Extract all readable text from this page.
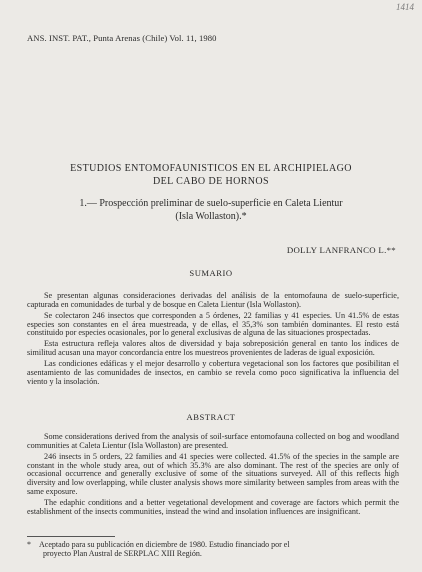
1414
ANS. INST. PAT., Punta Arenas (Chile) Vol. 11, 1980
ESTUDIOS ENTOMOFAUNISTICOS EN EL ARCHIPIELAGO
DEL CABO DE HORNOS
1.— Prospección preliminar de suelo-superficie en Caleta Lientur
(Isla Wollaston).*
DOLLY LANFRANCO L.**
SUMARIO

Se presentan algunas consideraciones derivadas del análisis de la entomofauna de suelo-superficie, capturada en comunidades de turbal y de bosque en Caleta Lientur (Isla Wollaston).

Se colectaron 246 insectos que corresponden a 5 órdenes, 22 familias y 41 especies. Un 41.5% de estas especies son constantes en el área muestreada, y de ellas, el 35,3% son también dominantes. El resto está constituido por especies ocasionales, por lo general exclusivas de alguna de las situaciones prospectadas.

Esta estructura refleja valores altos de diversidad y baja sobreposición general en tanto los índices de similitud acusan una mayor concordancia entre los muestreos provenientes de laderas de igual exposición.

Las condiciones edáficas y el mejor desarrollo y cobertura vegetacional son los factores que posibilitan el asentamiento de las comunidades de insectos, en cambio se revela como poco significativa la influencia del viento y la insolación.

ABSTRACT

Some considerations derived from the analysis of soil-surface entomofauna collected on bog and woodland communities at Caleta Lientur (Isla Wollaston) are presented.

246 insects in 5 orders, 22 families and 41 species were collected. 41.5% of the species in the sample are constant in the whole study area, out of which 35.3% are also dominant. The rest of the species are only of occasional occurrence and generally exclusive of some of the situations surveyed. All of this reflects high diversity and low overlapping, while cluster analysis shows more similarity between samples from areas with the same exposure.

The edaphic conditions and a better vegetational development and coverage are factors which permit the establishment of the insects communities, instead the wind and insolation influences are insignificant.

* Aceptado para su publicación en diciembre de 1980. Estudio financiado por el
proyecto Plan Austral de SERPLAC XIII Región.
